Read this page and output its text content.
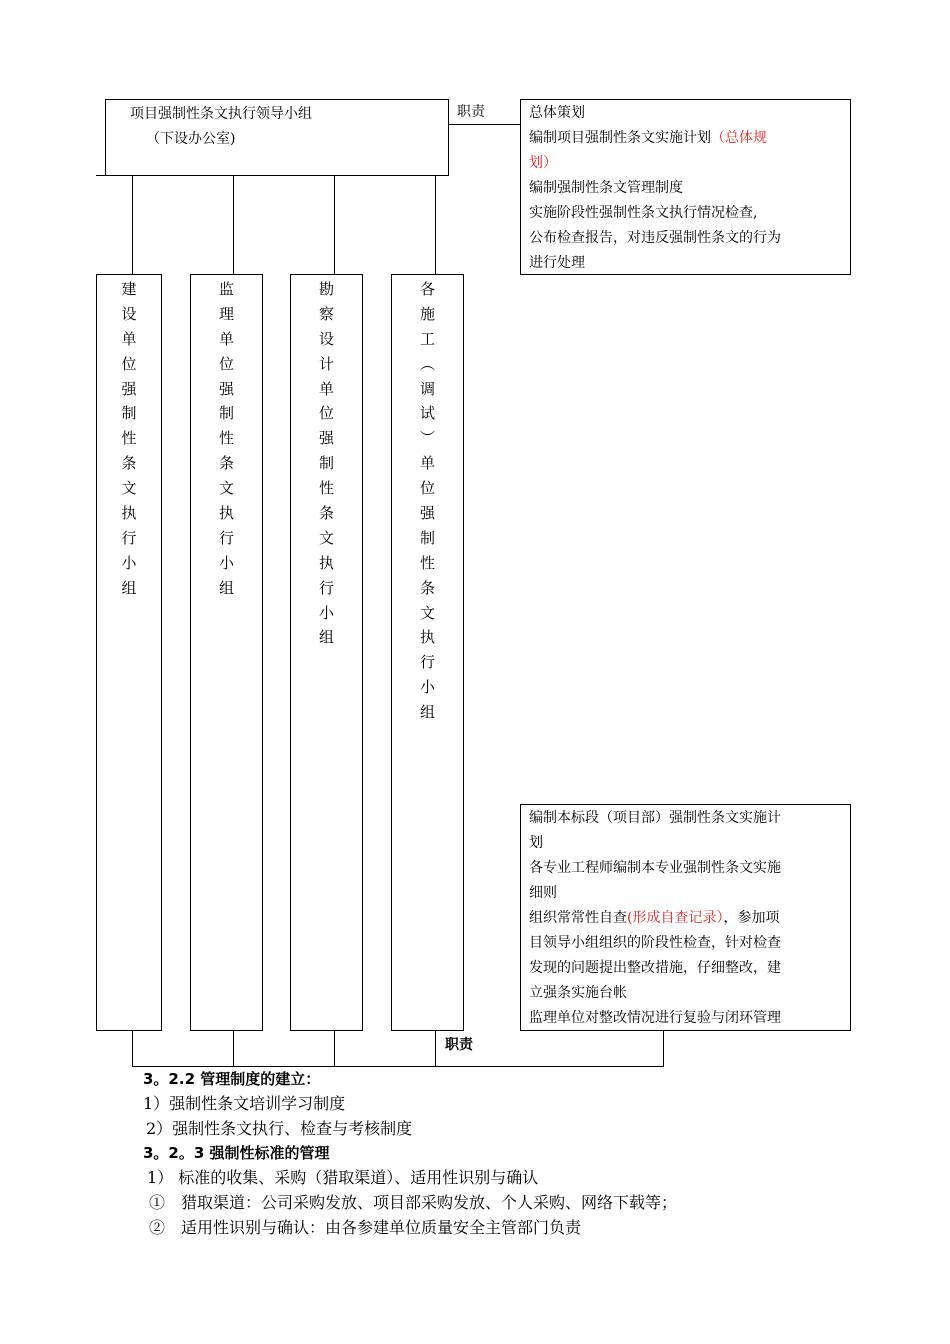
项目强制性条文执行领导小组
（下设办公室)
职责	总体策划
编制项目强制性条文实施计划（总体规
划）
编制强制性条文管理制度
实施阶段性强制性条文执行情况检查,
公布检查报告，对违反强制性条文的行为
进行处理
建
设
单
位
强
制
性
条
文
执
行
小
组
监
理
单
位
强
制
性
条
文
执
行
小
组
勘
察
设
计
单
位
强
制
性
条
文
执
行
小
组
各
施
工
︵
调
试
︶
单
位
强
制
性
条
文
执
行
小
组
编制本标段（项目部）强制性条文实施计
划
各专业工程师编制本专业强制性条文实施
细则
组织常常性自查(形成自查记录），参加项
目领导小组组织的阶段性检查，针对检查
发现的问题提出整改措施，仔细整改，建
立强条实施台帐
监理单位对整改情况进行复验与闭环管理
职责
3。2.2 管理制度的建立：
1）强制性条文培训学习制度
2）强制性条文执行、检查与考核制度
3。2。3 强制性标准的管理
1） 标准的收集、采购（猎取渠道）、适用性识别与确认
①　猎取渠道：公司采购发放、项目部采购发放、个人采购、网络下载等；
②　适用性识别与确认：由各参建单位质量安全主管部门负责
